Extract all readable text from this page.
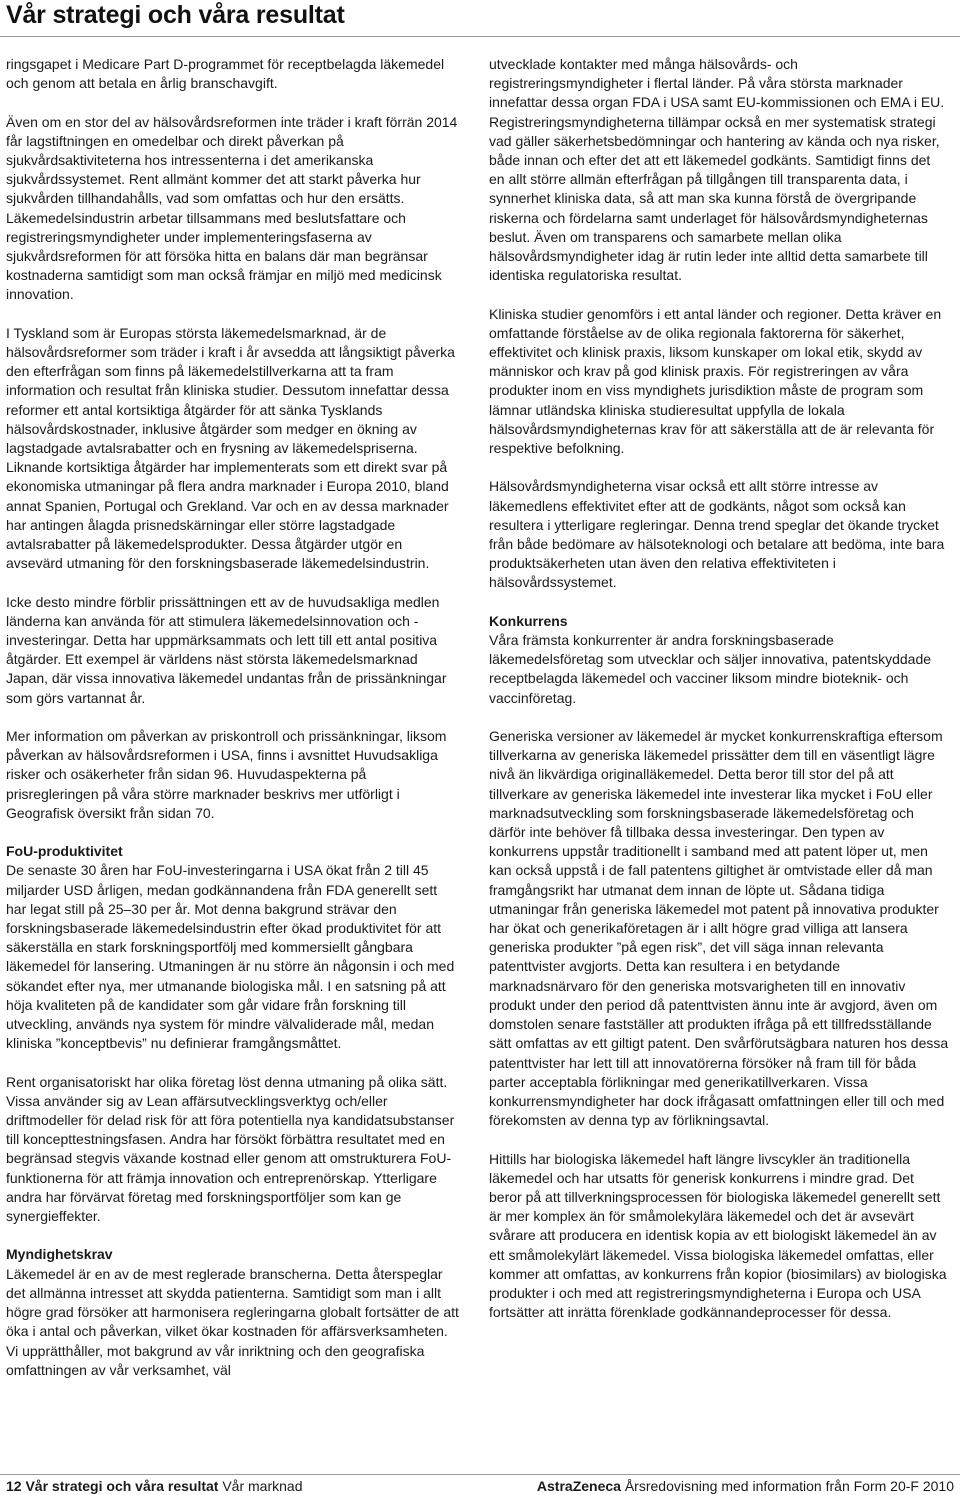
Vår strategi och våra resultat

ringsgapet i Medicare Part D-programmet för receptbelagda läkemedel och genom att betala en årlig branschavgift.

Även om en stor del av hälsovårdsreformen inte träder i kraft förrän 2014 får lagstiftningen en omedelbar och direkt påverkan på sjukvårdsaktiviteterna hos intressenterna i det amerikanska sjukvårdssystemet. Rent allmänt kommer det att starkt påverka hur sjukvården tillhandahålls, vad som omfattas och hur den ersätts. Läkemedelsindustrin arbetar tillsammans med beslutsfattare och registreringsmyndigheter under implementeringsfaserna av sjukvårdsreformen för att försöka hitta en balans där man begränsar kostnaderna samtidigt som man också främjar en miljö med medicinsk innovation.

I Tyskland som är Europas största läkemedelsmarknad, är de hälsovårdsreformer som träder i kraft i år avsedda att långsiktigt påverka den efterfrågan som finns på läkemedelstillverkarna att ta fram information och resultat från kliniska studier. Dessutom innefattar dessa reformer ett antal kortsiktiga åtgärder för att sänka Tysklands hälsovårdskostnader, inklusive åtgärder som medger en ökning av lagstadgade avtalsrabatter och en frysning av läkemedelspriserna. Liknande kortsiktiga åtgärder har implementerats som ett direkt svar på ekonomiska utmaningar på flera andra marknader i Europa 2010, bland annat Spanien, Portugal och Grekland. Var och en av dessa marknader har antingen ålagda prisnedskärningar eller större lagstadgade avtalsrabatter på läkemedelsprodukter. Dessa åtgärder utgör en avsevärd utmaning för den forskningsbaserade läkemedelsindustrin.

Icke desto mindre förblir prissättningen ett av de huvudsakliga medlen länderna kan använda för att stimulera läkemedelsinnovation och -investeringar. Detta har uppmärksammats och lett till ett antal positiva åtgärder. Ett exempel är världens näst största läkemedelsmarknad Japan, där vissa innovativa läkemedel undantas från de prissänkningar som görs vartannat år.

Mer information om påverkan av priskontroll och prissänkningar, liksom påverkan av hälsovårdsreformen i USA, finns i avsnittet Huvudsakliga risker och osäkerheter från sidan 96. Huvudaspekterna på prisregleringen på våra större marknader beskrivs mer utförligt i Geografisk översikt från sidan 70.

FoU-produktivitet

De senaste 30 åren har FoU-investeringarna i USA ökat från 2 till 45 miljarder USD årligen, medan godkännandena från FDA generellt sett har legat still på 25–30 per år. Mot denna bakgrund strävar den forskningsbaserade läkemedelsindustrin efter ökad produktivitet för att säkerställa en stark forskningsportfölj med kommersiellt gångbara läkemedel för lansering. Utmaningen är nu större än någonsin i och med sökandet efter nya, mer utmanande biologiska mål. I en satsning på att höja kvaliteten på de kandidater som går vidare från forskning till utveckling, används nya system för mindre välvaliderade mål, medan kliniska ”konceptbevis” nu definierar framgångsmåttet.

Rent organisatoriskt har olika företag löst denna utmaning på olika sätt. Vissa använder sig av Lean affärsutvecklingsverktyg och/eller driftmodeller för delad risk för att föra potentiella nya kandidatsubstanser till koncepttestningsfasen. Andra har försökt förbättra resultatet med en begränsad stegvis växande kostnad eller genom att omstrukturera FoU-funktionerna för att främja innovation och entreprenörskap. Ytterligare andra har förvärvat företag med forskningsportföljer som kan ge synergieffekter.

Myndighetskrav

Läkemedel är en av de mest reglerade branscherna. Detta återspeglar det allmänna intresset att skydda patienterna. Samtidigt som man i allt högre grad försöker att harmonisera regleringarna globalt fortsätter de att öka i antal och påverkan, vilket ökar kostnaden för affärsverksamheten. Vi upprätthåller, mot bakgrund av vår inriktning och den geografiska omfattningen av vår verksamhet, väl

utvecklade kontakter med många hälsovårds- och registreringsmyndigheter i flertal länder. På våra största marknader innefattar dessa organ FDA i USA samt EU-kommissionen och EMA i EU. Registreringsmyndigheterna tillämpar också en mer systematisk strategi vad gäller säkerhetsbedömningar och hantering av kända och nya risker, både innan och efter det att ett läkemedel godkänts. Samtidigt finns det en allt större allmän efterfrågan på tillgången till transparenta data, i synnerhet kliniska data, så att man ska kunna förstå de övergripande riskerna och fördelarna samt underlaget för hälsovårdsmyndigheternas beslut. Även om transparens och samarbete mellan olika hälsovårdsmyndigheter idag är rutin leder inte alltid detta samarbete till identiska regulatoriska resultat.

Kliniska studier genomförs i ett antal länder och regioner. Detta kräver en omfattande förståelse av de olika regionala faktorerna för säkerhet, effektivitet och klinisk praxis, liksom kunskaper om lokal etik, skydd av människor och krav på god klinisk praxis. För registreringen av våra produkter inom en viss myndighets jurisdiktion måste de program som lämnar utländska kliniska studieresultat uppfylla de lokala hälsovårdsmyndigheternas krav för att säkerställa att de är relevanta för respektive befolkning.

Hälsovårdsmyndigheterna visar också ett allt större intresse av läkemedlens effektivitet efter att de godkänts, något som också kan resultera i ytterligare regleringar. Denna trend speglar det ökande trycket från både bedömare av hälsoteknologi och betalare att bedöma, inte bara produktsäkerheten utan även den relativa effektiviteten i hälsovårdssystemet.

Konkurrens

Våra främsta konkurrenter är andra forskningsbaserade läkemedelsföretag som utvecklar och säljer innovativa, patentskyddade receptbelagda läkemedel och vacciner liksom mindre bioteknik- och vaccinföretag.

Generiska versioner av läkemedel är mycket konkurrenskraftiga eftersom tillverkarna av generiska läkemedel prissätter dem till en väsentligt lägre nivå än likvärdiga originalläkemedel. Detta beror till stor del på att tillverkare av generiska läkemedel inte investerar lika mycket i FoU eller marknadsutveckling som forskningsbaserade läkemedelsföretag och därför inte behöver få tillbaka dessa investeringar. Den typen av konkurrens uppstår traditionellt i samband med att patent löper ut, men kan också uppstå i de fall patentens giltighet är omtvistade eller då man framgångsrikt har utmanat dem innan de löpte ut. Sådana tidiga utmaningar från generiska läkemedel mot patent på innovativa produkter har ökat och generikaföretagen är i allt högre grad villiga att lansera generiska produkter ”på egen risk”, det vill säga innan relevanta patenttvister avgjorts. Detta kan resultera i en betydande marknadsnärvaro för den generiska motsvarigheten till en innovativ produkt under den period då patenttvisten ännu inte är avgjord, även om domstolen senare fastställer att produkten ifråga på ett tillfredsställande sätt omfattas av ett giltigt patent. Den svårförutsägbara naturen hos dessa patenttvister har lett till att innovatörerna försöker nå fram till för båda parter acceptabla förlikningar med generikatillverkaren. Vissa konkurrensmyndigheter har dock ifrågasatt omfattningen eller till och med förekomsten av denna typ av förlikningsavtal.

Hittills har biologiska läkemedel haft längre livscykler än traditionella läkemedel och har utsatts för generisk konkurrens i mindre grad. Det beror på att tillverkningsprocessen för biologiska läkemedel generellt sett är mer komplex än för småmolekylära läkemedel och det är avsevärt svårare att producera en identisk kopia av ett biologiskt läkemedel än av ett småmolekylärt läkemedel. Vissa biologiska läkemedel omfattas, eller kommer att omfattas, av konkurrens från kopior (biosimilars) av biologiska produkter i och med att registreringsmyndigheterna i Europa och USA fortsätter att inrätta förenklade godkännandeprocesser för dessa.

12 Vår strategi och våra resultat Vår marknad	AstraZeneca Årsredovisning med information från Form 20-F 2010
